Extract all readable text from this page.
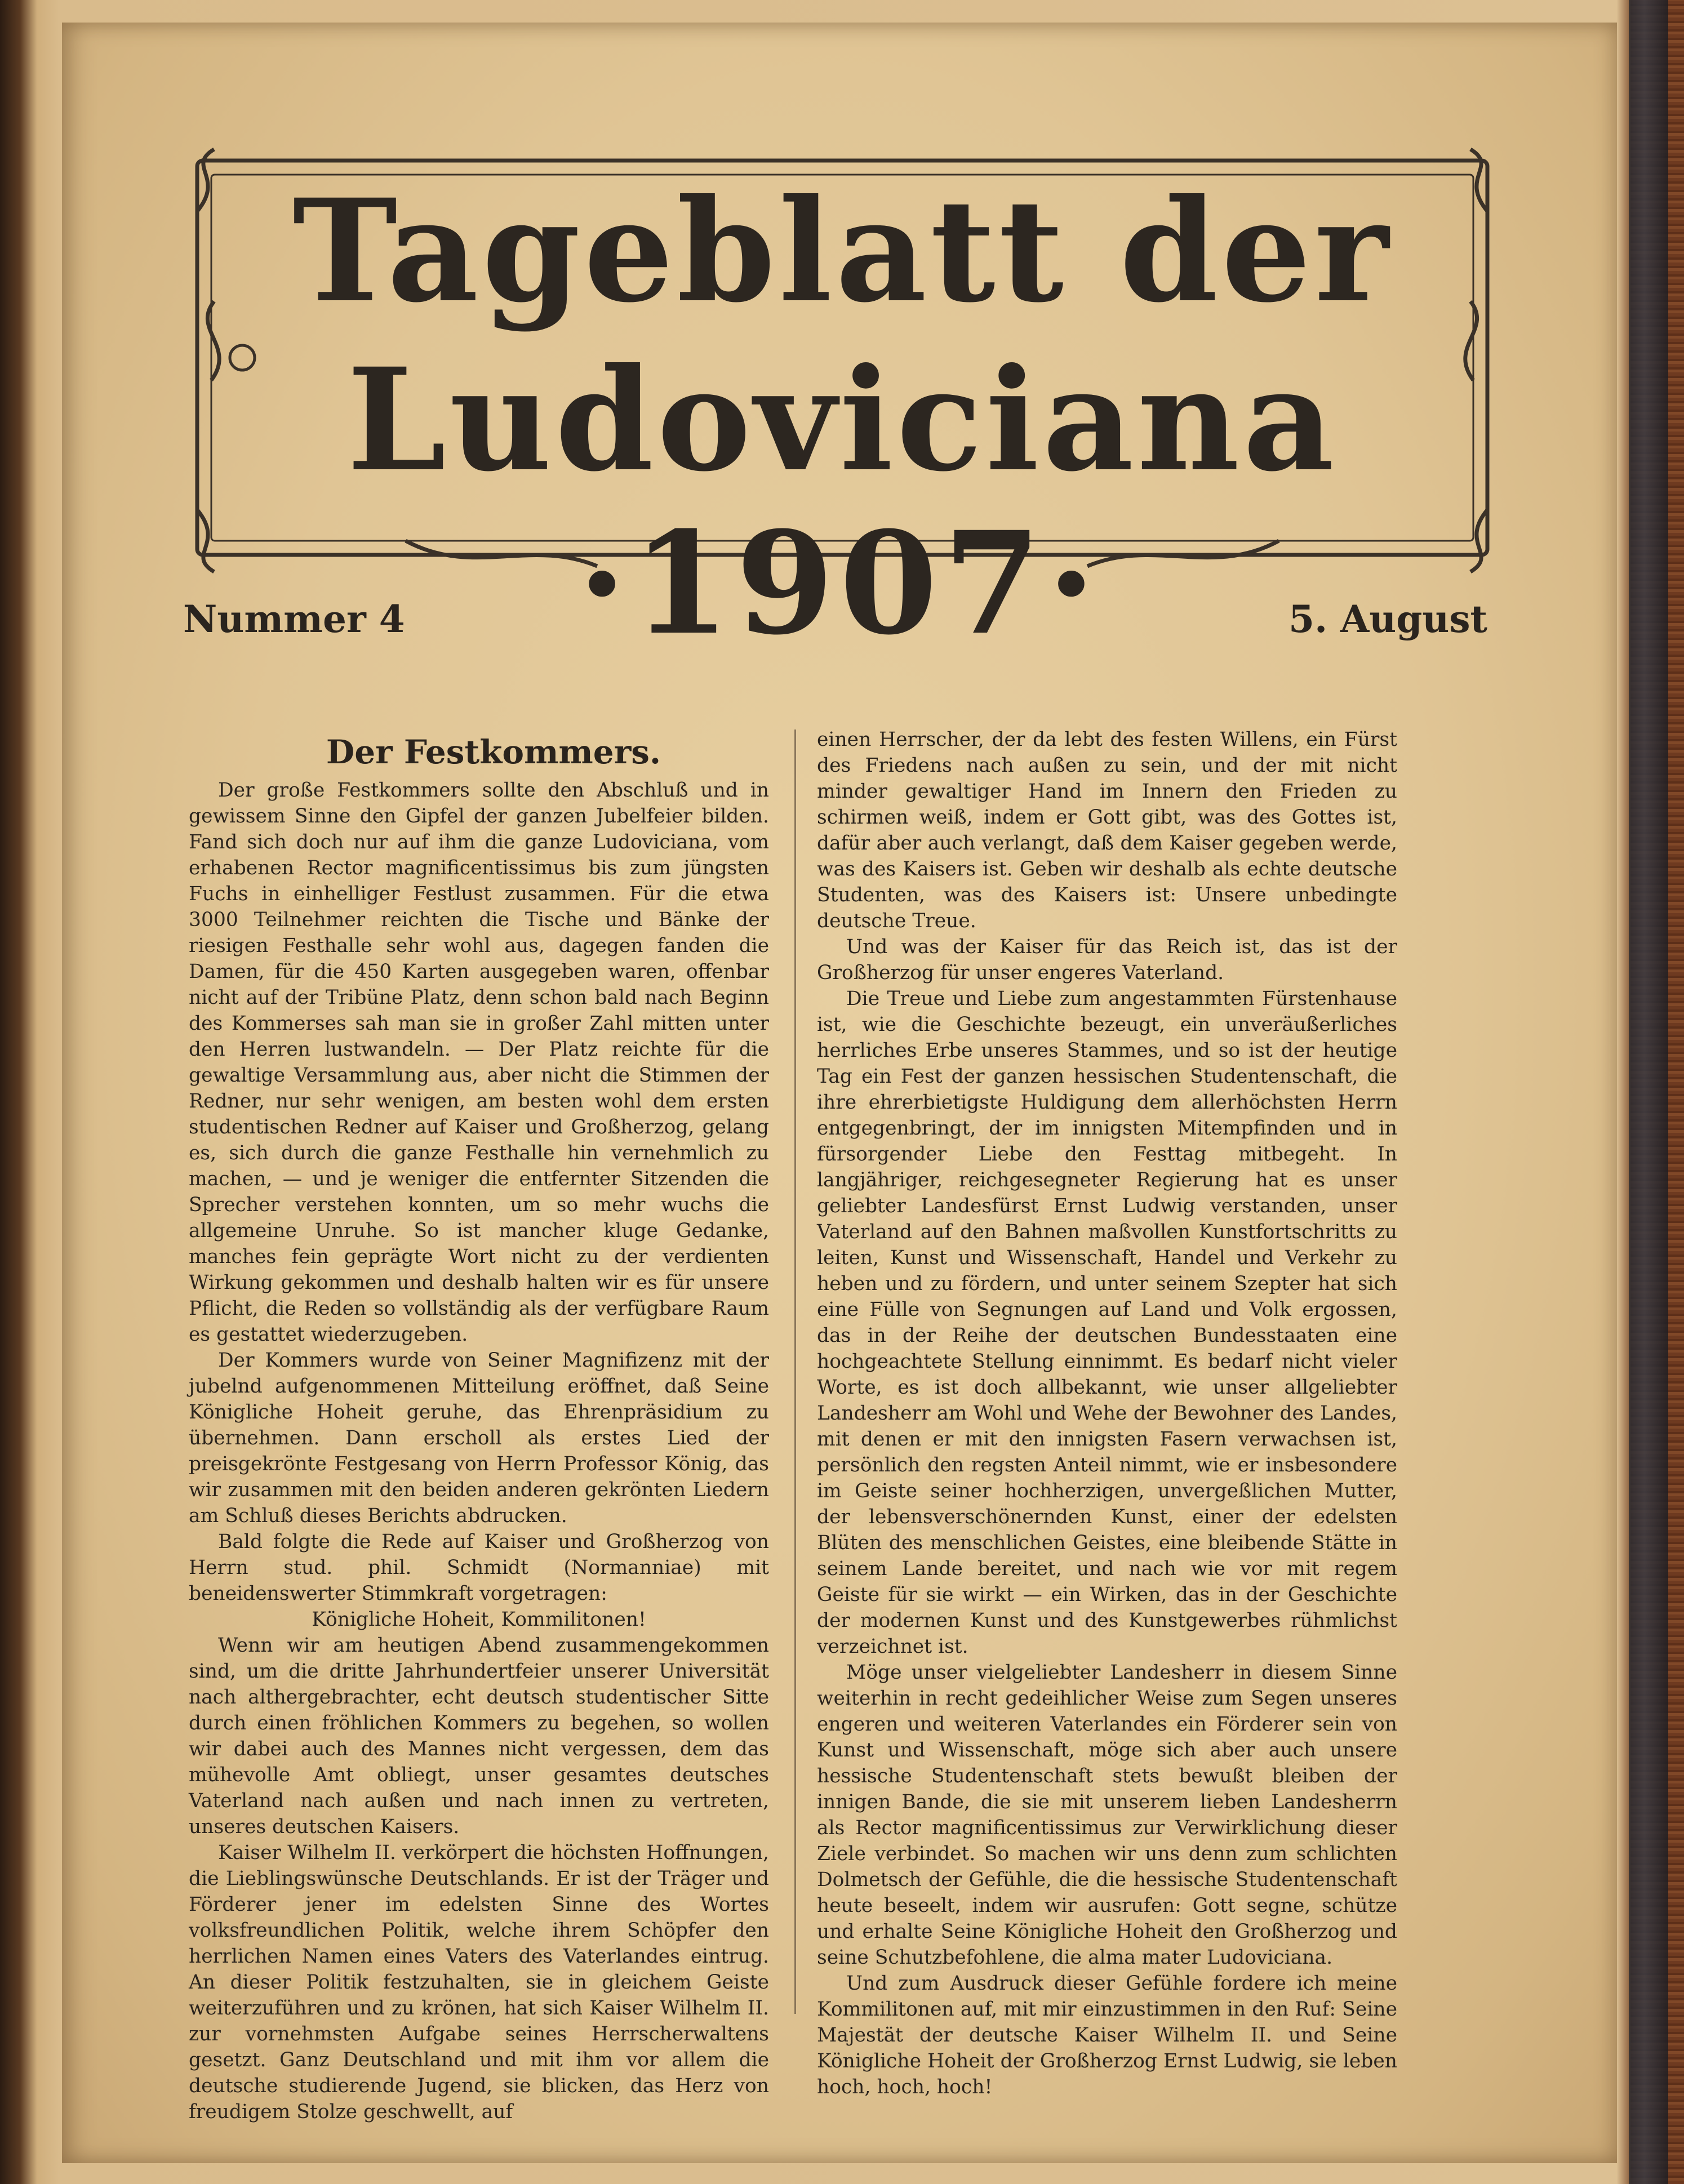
Tageblatt der
Ludoviciana
·1907·
Nummer 4	5. August

Der Festkommers.

Der große Festkommers sollte den Abschluß und in gewissem Sinne den Gipfel der ganzen Jubelfeier bilden. Fand sich doch nur auf ihm die ganze Ludoviciana, vom erhabenen Rector magnificentissimus bis zum jüngsten Fuchs in einhelliger Festlust zusammen. Für die etwa 3000 Teilnehmer reichten die Tische und Bänke der riesigen Festhalle sehr wohl aus, dagegen fanden die Damen, für die 450 Karten ausgegeben waren, offenbar nicht auf der Tribüne Platz, denn schon bald nach Beginn des Kommerses sah man sie in großer Zahl mitten unter den Herren lustwandeln. — Der Platz reichte für die gewaltige Versammlung aus, aber nicht die Stimmen der Redner, nur sehr wenigen, am besten wohl dem ersten studentischen Redner auf Kaiser und Großherzog, gelang es, sich durch die ganze Festhalle hin vernehmlich zu machen, — und je weniger die entfernter Sitzenden die Sprecher verstehen konnten, um so mehr wuchs die allgemeine Unruhe. So ist mancher kluge Gedanke, manches fein geprägte Wort nicht zu der verdienten Wirkung gekommen und deshalb halten wir es für unsere Pflicht, die Reden so vollständig als der verfügbare Raum es gestattet wiederzugeben.

Der Kommers wurde von Seiner Magnifizenz mit der jubelnd aufgenommenen Mitteilung eröffnet, daß Seine Königliche Hoheit geruhe, das Ehrenpräsidium zu übernehmen. Dann erscholl als erstes Lied der preisgekrönte Festgesang von Herrn Professor König, das wir zusammen mit den beiden anderen gekrönten Liedern am Schluß dieses Berichts abdrucken.

Bald folgte die Rede auf Kaiser und Großherzog von Herrn stud. phil. Schmidt (Normanniae) mit beneidenswerter Stimmkraft vorgetragen:

Königliche Hoheit, Kommilitonen!

Wenn wir am heutigen Abend zusammengekommen sind, um die dritte Jahrhundertfeier unserer Universität nach althergebrachter, echt deutsch studentischer Sitte durch einen fröhlichen Kommers zu begehen, so wollen wir dabei auch des Mannes nicht vergessen, dem das mühevolle Amt obliegt, unser gesamtes deutsches Vaterland nach außen und nach innen zu vertreten, unseres deutschen Kaisers.

Kaiser Wilhelm II. verkörpert die höchsten Hoffnungen, die Lieblingswünsche Deutschlands. Er ist der Träger und Förderer jener im edelsten Sinne des Wortes volksfreundlichen Politik, welche ihrem Schöpfer den herrlichen Namen eines Vaters des Vaterlandes eintrug. An dieser Politik festzuhalten, sie in gleichem Geiste weiterzuführen und zu krönen, hat sich Kaiser Wilhelm II. zur vornehmsten Aufgabe seines Herrscherwaltens gesetzt. Ganz Deutschland und mit ihm vor allem die deutsche studierende Jugend, sie blicken, das Herz von freudigem Stolze geschwellt, auf

einen Herrscher, der da lebt des festen Willens, ein Fürst des Friedens nach außen zu sein, und der mit nicht minder gewaltiger Hand im Innern den Frieden zu schirmen weiß, indem er Gott gibt, was des Gottes ist, dafür aber auch verlangt, daß dem Kaiser gegeben werde, was des Kaisers ist. Geben wir deshalb als echte deutsche Studenten, was des Kaisers ist: Unsere unbedingte deutsche Treue.

Und was der Kaiser für das Reich ist, das ist der Großherzog für unser engeres Vaterland.

Die Treue und Liebe zum angestammten Fürstenhause ist, wie die Geschichte bezeugt, ein unveräußerliches herrliches Erbe unseres Stammes, und so ist der heutige Tag ein Fest der ganzen hessischen Studentenschaft, die ihre ehrerbietigste Huldigung dem allerhöchsten Herrn entgegenbringt, der im innigsten Mitempfinden und in fürsorgender Liebe den Festtag mitbegeht. In langjähriger, reichgesegneter Regierung hat es unser geliebter Landesfürst Ernst Ludwig verstanden, unser Vaterland auf den Bahnen maßvollen Kunstfortschritts zu leiten, Kunst und Wissenschaft, Handel und Verkehr zu heben und zu fördern, und unter seinem Szepter hat sich eine Fülle von Segnungen auf Land und Volk ergossen, das in der Reihe der deutschen Bundesstaaten eine hochgeachtete Stellung einnimmt. Es bedarf nicht vieler Worte, es ist doch allbekannt, wie unser allgeliebter Landesherr am Wohl und Wehe der Bewohner des Landes, mit denen er mit den innigsten Fasern verwachsen ist, persönlich den regsten Anteil nimmt, wie er insbesondere im Geiste seiner hochherzigen, unvergeßlichen Mutter, der lebensverschönernden Kunst, einer der edelsten Blüten des menschlichen Geistes, eine bleibende Stätte in seinem Lande bereitet, und nach wie vor mit regem Geiste für sie wirkt — ein Wirken, das in der Geschichte der modernen Kunst und des Kunstgewerbes rühmlichst verzeichnet ist.

Möge unser vielgeliebter Landesherr in diesem Sinne weiterhin in recht gedeihlicher Weise zum Segen unseres engeren und weiteren Vaterlandes ein Förderer sein von Kunst und Wissenschaft, möge sich aber auch unsere hessische Studentenschaft stets bewußt bleiben der innigen Bande, die sie mit unserem lieben Landesherrn als Rector magnificentissimus zur Verwirklichung dieser Ziele verbindet. So machen wir uns denn zum schlichten Dolmetsch der Gefühle, die die hessische Studentenschaft heute beseelt, indem wir ausrufen: Gott segne, schütze und erhalte Seine Königliche Hoheit den Großherzog und seine Schutzbefohlene, die alma mater Ludoviciana.

Und zum Ausdruck dieser Gefühle fordere ich meine Kommilitonen auf, mit mir einzustimmen in den Ruf: Seine Majestät der deutsche Kaiser Wilhelm II. und Seine Königliche Hoheit der Großherzog Ernst Ludwig, sie leben hoch, hoch, hoch!
